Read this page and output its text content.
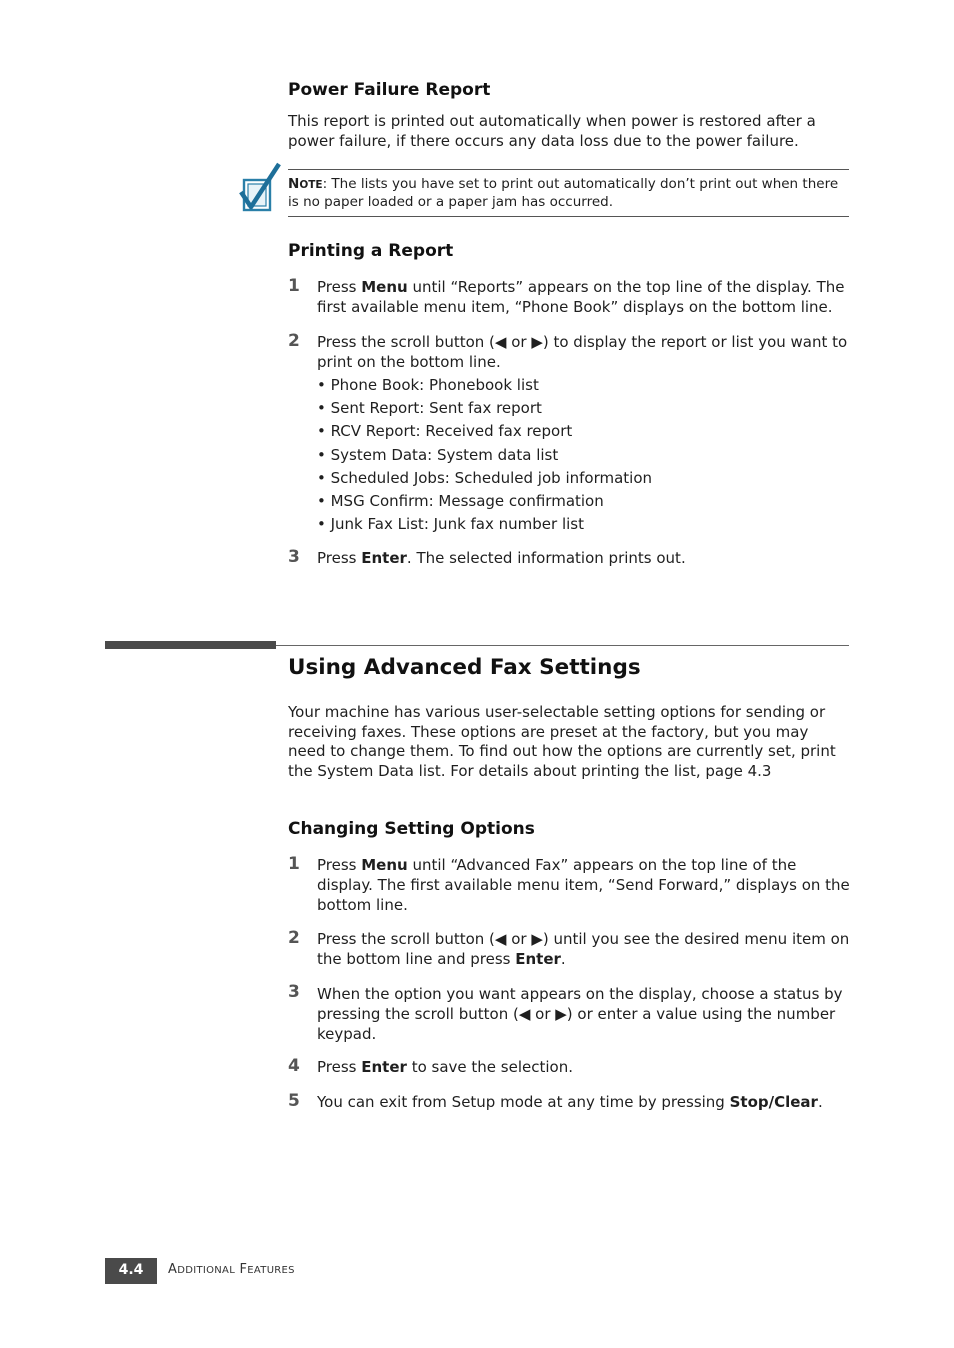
Power Failure Report
This report is printed out automatically when power is restored after a power failure, if there occurs any data loss due to the power failure.
NOTE: The lists you have set to print out automatically don’t print out when there is no paper loaded or a paper jam has occurred.
Printing a Report
1 Press Menu until “Reports” appears on the top line of the display. The first available menu item, “Phone Book” displays on the bottom line.
2 Press the scroll button (◀ or ▶) to display the report or list you want to print on the bottom line.
• Phone Book: Phonebook list
• Sent Report: Sent fax report
• RCV Report: Received fax report
• System Data: System data list
• Scheduled Jobs: Scheduled job information
• MSG Confirm: Message confirmation
• Junk Fax List: Junk fax number list
3 Press Enter. The selected information prints out.
Using Advanced Fax Settings
Your machine has various user-selectable setting options for sending or receiving faxes. These options are preset at the factory, but you may need to change them. To find out how the options are currently set, print the System Data list. For details about printing the list, page 4.3
Changing Setting Options
1 Press Menu until “Advanced Fax” appears on the top line of the display. The first available menu item, “Send Forward,” displays on the bottom line.
2 Press the scroll button (◀ or ▶) until you see the desired menu item on the bottom line and press Enter.
3 When the option you want appears on the display, choose a status by pressing the scroll button (◀ or ▶) or enter a value using the number keypad.
4 Press Enter to save the selection.
5 You can exit from Setup mode at any time by pressing Stop/Clear.
4.4	ADDITIONAL FEATURES
